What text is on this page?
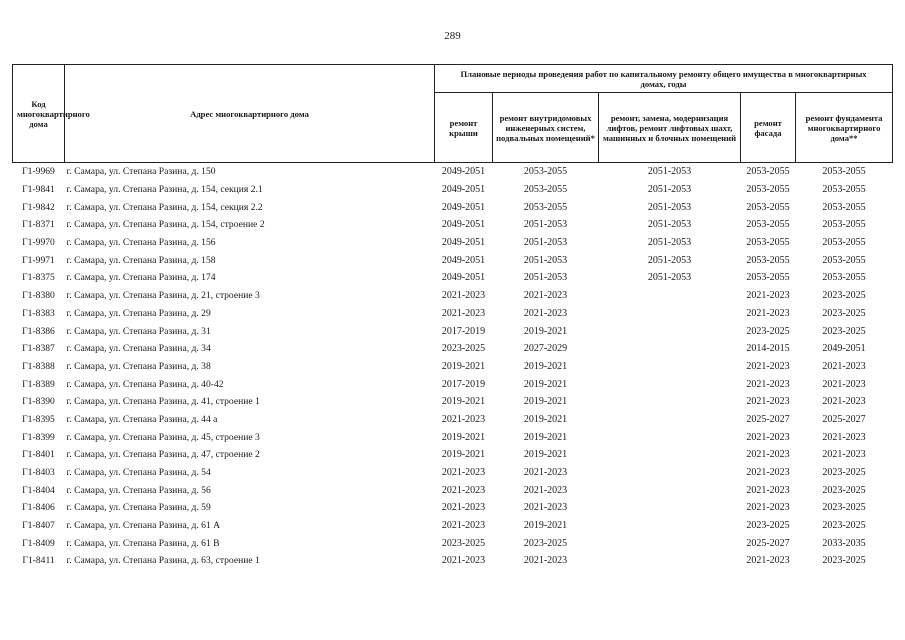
289
Код многоквартирного дома	Адрес многоквартирного дома	Плановые периоды проведения работ по капитальному ремонту общего имущества в многоквартирных домах, годы				
		ремонт крыши	ремонт внутридомовых инженерных систем, подвальных помещений*	ремонт, замена, модернизация лифтов, ремонт лифтовых шахт, машинных и блочных помещений	ремонт фасада	ремонт фундамента многоквартирного дома**
Г1-9969	г. Самара, ул. Степана Разина, д. 150	2049-2051	2053-2055	2051-2053	2053-2055	2053-2055
Г1-9841	г. Самара, ул. Степана Разина, д. 154, секция 2.1	2049-2051	2053-2055	2051-2053	2053-2055	2053-2055
Г1-9842	г. Самара, ул. Степана Разина, д. 154, секция 2.2	2049-2051	2053-2055	2051-2053	2053-2055	2053-2055
Г1-8371	г. Самара, ул. Степана Разина, д. 154, строение 2	2049-2051	2051-2053	2051-2053	2053-2055	2053-2055
Г1-9970	г. Самара, ул. Степана Разина, д. 156	2049-2051	2051-2053	2051-2053	2053-2055	2053-2055
Г1-9971	г. Самара, ул. Степана Разина, д. 158	2049-2051	2051-2053	2051-2053	2053-2055	2053-2055
Г1-8375	г. Самара, ул. Степана Разина, д. 174	2049-2051	2051-2053	2051-2053	2053-2055	2053-2055
Г1-8380	г. Самара, ул. Степана Разина, д. 21, строение 3	2021-2023	2021-2023		2021-2023	2023-2025
Г1-8383	г. Самара, ул. Степана Разина, д. 29	2021-2023	2021-2023		2021-2023	2023-2025
Г1-8386	г. Самара, ул. Степана Разина, д. 31	2017-2019	2019-2021		2023-2025	2023-2025
Г1-8387	г. Самара, ул. Степана Разина, д. 34	2023-2025	2027-2029		2014-2015	2049-2051
Г1-8388	г. Самара, ул. Степана Разина, д. 38	2019-2021	2019-2021		2021-2023	2021-2023
Г1-8389	г. Самара, ул. Степана Разина, д. 40-42	2017-2019	2019-2021		2021-2023	2021-2023
Г1-8390	г. Самара, ул. Степана Разина, д. 41, строение 1	2019-2021	2019-2021		2021-2023	2021-2023
Г1-8395	г. Самара, ул. Степана Разина, д. 44 а	2021-2023	2019-2021		2025-2027	2025-2027
Г1-8399	г. Самара, ул. Степана Разина, д. 45, строение 3	2019-2021	2019-2021		2021-2023	2021-2023
Г1-8401	г. Самара, ул. Степана Разина, д. 47, строение 2	2019-2021	2019-2021		2021-2023	2021-2023
Г1-8403	г. Самара, ул. Степана Разина, д. 54	2021-2023	2021-2023		2021-2023	2023-2025
Г1-8404	г. Самара, ул. Степана Разина, д. 56	2021-2023	2021-2023		2021-2023	2023-2025
Г1-8406	г. Самара, ул. Степана Разина, д. 59	2021-2023	2021-2023		2021-2023	2023-2025
Г1-8407	г. Самара, ул. Степана Разина, д. 61 А	2021-2023	2019-2021		2023-2025	2023-2025
Г1-8409	г. Самара, ул. Степана Разина, д. 61 В	2023-2025	2023-2025		2025-2027	2033-2035
Г1-8411	г. Самара, ул. Степана Разина, д. 63, строение 1	2021-2023	2021-2023		2021-2023	2023-2025
